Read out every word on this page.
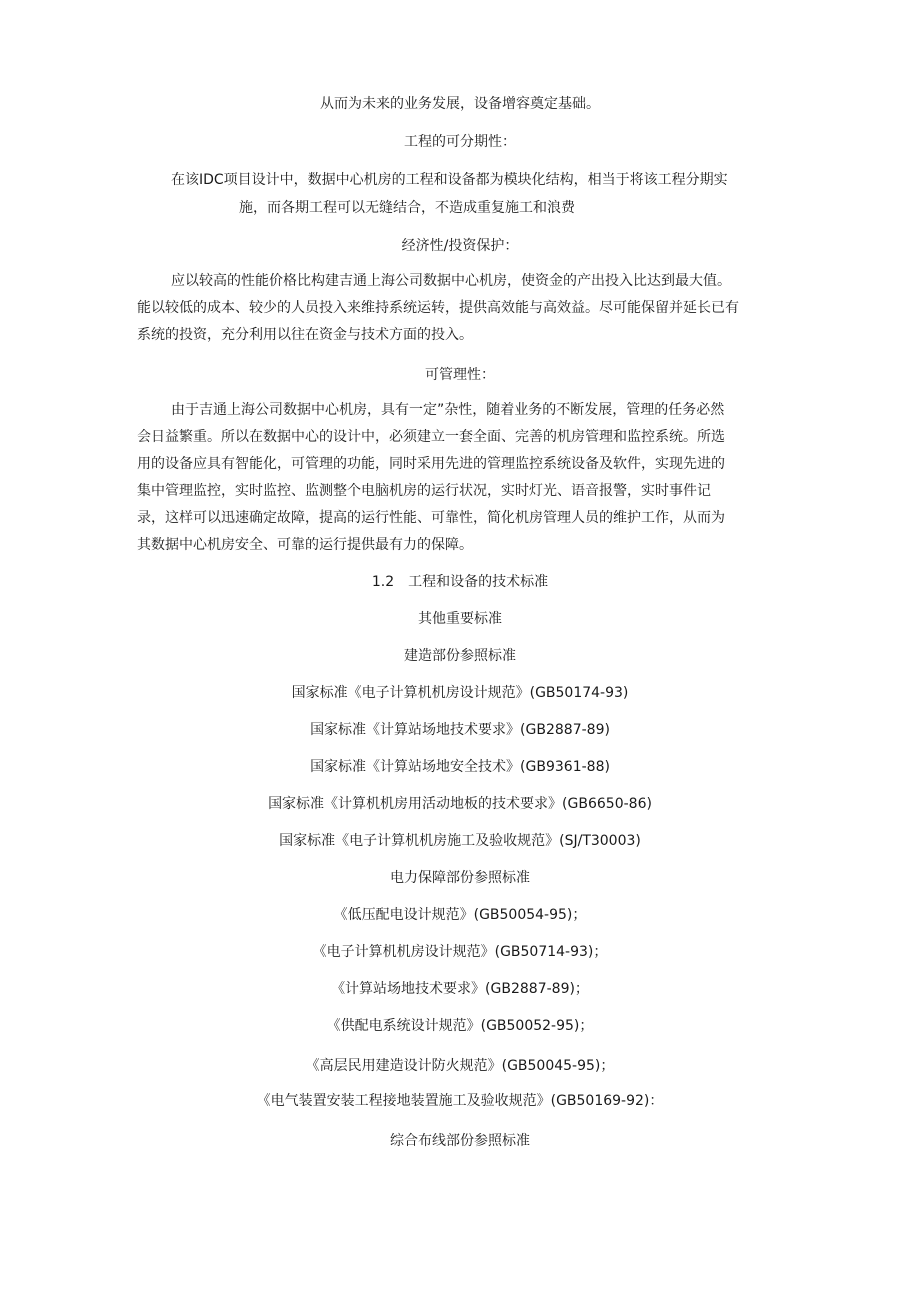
从而为未来的业务发展，设备增容奠定基础。
工程的可分期性：
在该IDC项目设计中，数据中心机房的工程和设备都为模块化结构，相当于将该工程分期实
施，而各期工程可以无缝结合，不造成重复施工和浪费
经济性/投资保护：
应以较高的性能价格比构建吉通上海公司数据中心机房，使资金的产出投入比达到最大值。
能以较低的成本、较少的人员投入来维持系统运转，提供高效能与高效益。尽可能保留并延长已有
系统的投资，充分利用以往在资金与技术方面的投入。
可管理性：
由于吉通上海公司数据中心机房，具有一定”杂性，随着业务的不断发展，管理的任务必然
会日益繁重。所以在数据中心的设计中，必须建立一套全面、完善的机房管理和监控系统。所选
用的设备应具有智能化，可管理的功能，同时采用先进的管理监控系统设备及软件，实现先进的
集中管理监控，实时监控、监测整个电脑机房的运行状况，实时灯光、语音报警，实时事件记
录，这样可以迅速确定故障，提高的运行性能、可靠性，简化机房管理人员的维护工作，从而为
其数据中心机房安全、可靠的运行提供最有力的保障。
1.2　工程和设备的技术标准
其他重要标准
建造部份参照标准
国家标准《电子计算机机房设计规范》(GB50174-93)
国家标准《计算站场地技术要求》(GB2887-89)
国家标准《计算站场地安全技术》(GB9361-88)
国家标准《计算机机房用活动地板的技术要求》(GB6650-86)
国家标准《电子计算机机房施工及验收规范》(SJ/T30003)
电力保障部份参照标准
《低压配电设计规范》(GB50054-95)；
《电子计算机机房设计规范》(GB50714-93)；
《计算站场地技术要求》(GB2887-89)；
《供配电系统设计规范》(GB50052-95)；
《高层民用建造设计防火规范》(GB50045-95)；
《电气装置安装工程接地装置施工及验收规范》(GB50169-92)：
综合布线部份参照标准
